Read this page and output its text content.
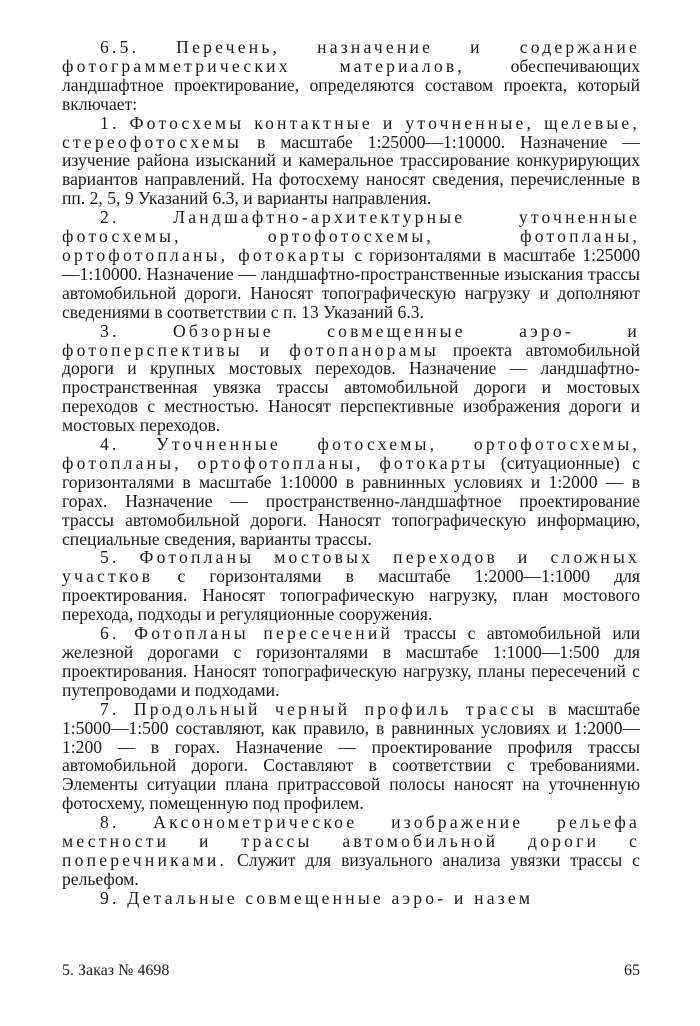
6.5. Перечень, назначение и содержание фотограмметрических материалов, обеспечивающих ландшафтное проектирование, определяются составом проекта, который включает:

1. Фотосхемы контактные и уточненные, щелевые, стереофотосхемы в масштабе 1:25000—1:10000. Назначение — изучение района изысканий и камеральное трассирование конкурирующих вариантов направлений. На фотосхему наносят сведения, перечисленные в пп. 2, 5, 9 Указаний 6.3, и варианты направления.

2. Ландшафтно-архитектурные уточненные фотосхемы, ортофотосхемы, фотопланы, ортофотопланы, фотокарты с горизонталями в масштабе 1:25000—1:10000. Назначение — ландшафтно-пространственные изыскания трассы автомобильной дороги. Наносят топографическую нагрузку и дополняют сведениями в соответствии с п. 13 Указаний 6.3.

3. Обзорные совмещенные аэро- и фотоперспективы и фотопанорамы проекта автомобильной дороги и крупных мостовых переходов. Назначение — ландшафтно-пространственная увязка трассы автомобильной дороги и мостовых переходов с местностью. Наносят перспективные изображения дороги и мостовых переходов.

4. Уточненные фотосхемы, ортофотосхемы, фотопланы, ортофотопланы, фотокарты (ситуационные) с горизонталями в масштабе 1:10000 в равнинных условиях и 1:2000 — в горах. Назначение — пространственно-ландшафтное проектирование трассы автомобильной дороги. Наносят топографическую информацию, специальные сведения, варианты трассы.

5. Фотопланы мостовых переходов и сложных участков с горизонталями в масштабе 1:2000—1:1000 для проектирования. Наносят топографическую нагрузку, план мостового перехода, подходы и регуляционные сооружения.

6. Фотопланы пересечений трассы с автомобильной или железной дорогами с горизонталями в масштабе 1:1000—1:500 для проектирования. Наносят топографическую нагрузку, планы пересечений с путепроводами и подходами.

7. Продольный черный профиль трассы в масштабе 1:5000—1:500 составляют, как правило, в равнинных условиях и 1:2000—1:200 — в горах. Назначение — проектирование профиля трассы автомобильной дороги. Составляют в соответствии с требованиями. Элементы ситуации плана притрассовой полосы наносят на уточненную фотосхему, помещенную под профилем.

8. Аксонометрическое изображение рельефа местности и трассы автомобильной дороги с поперечниками. Служит для визуального анализа увязки трассы с рельефом.

9. Детальные совмещенные аэро- и назем

5. Заказ № 4698	65
